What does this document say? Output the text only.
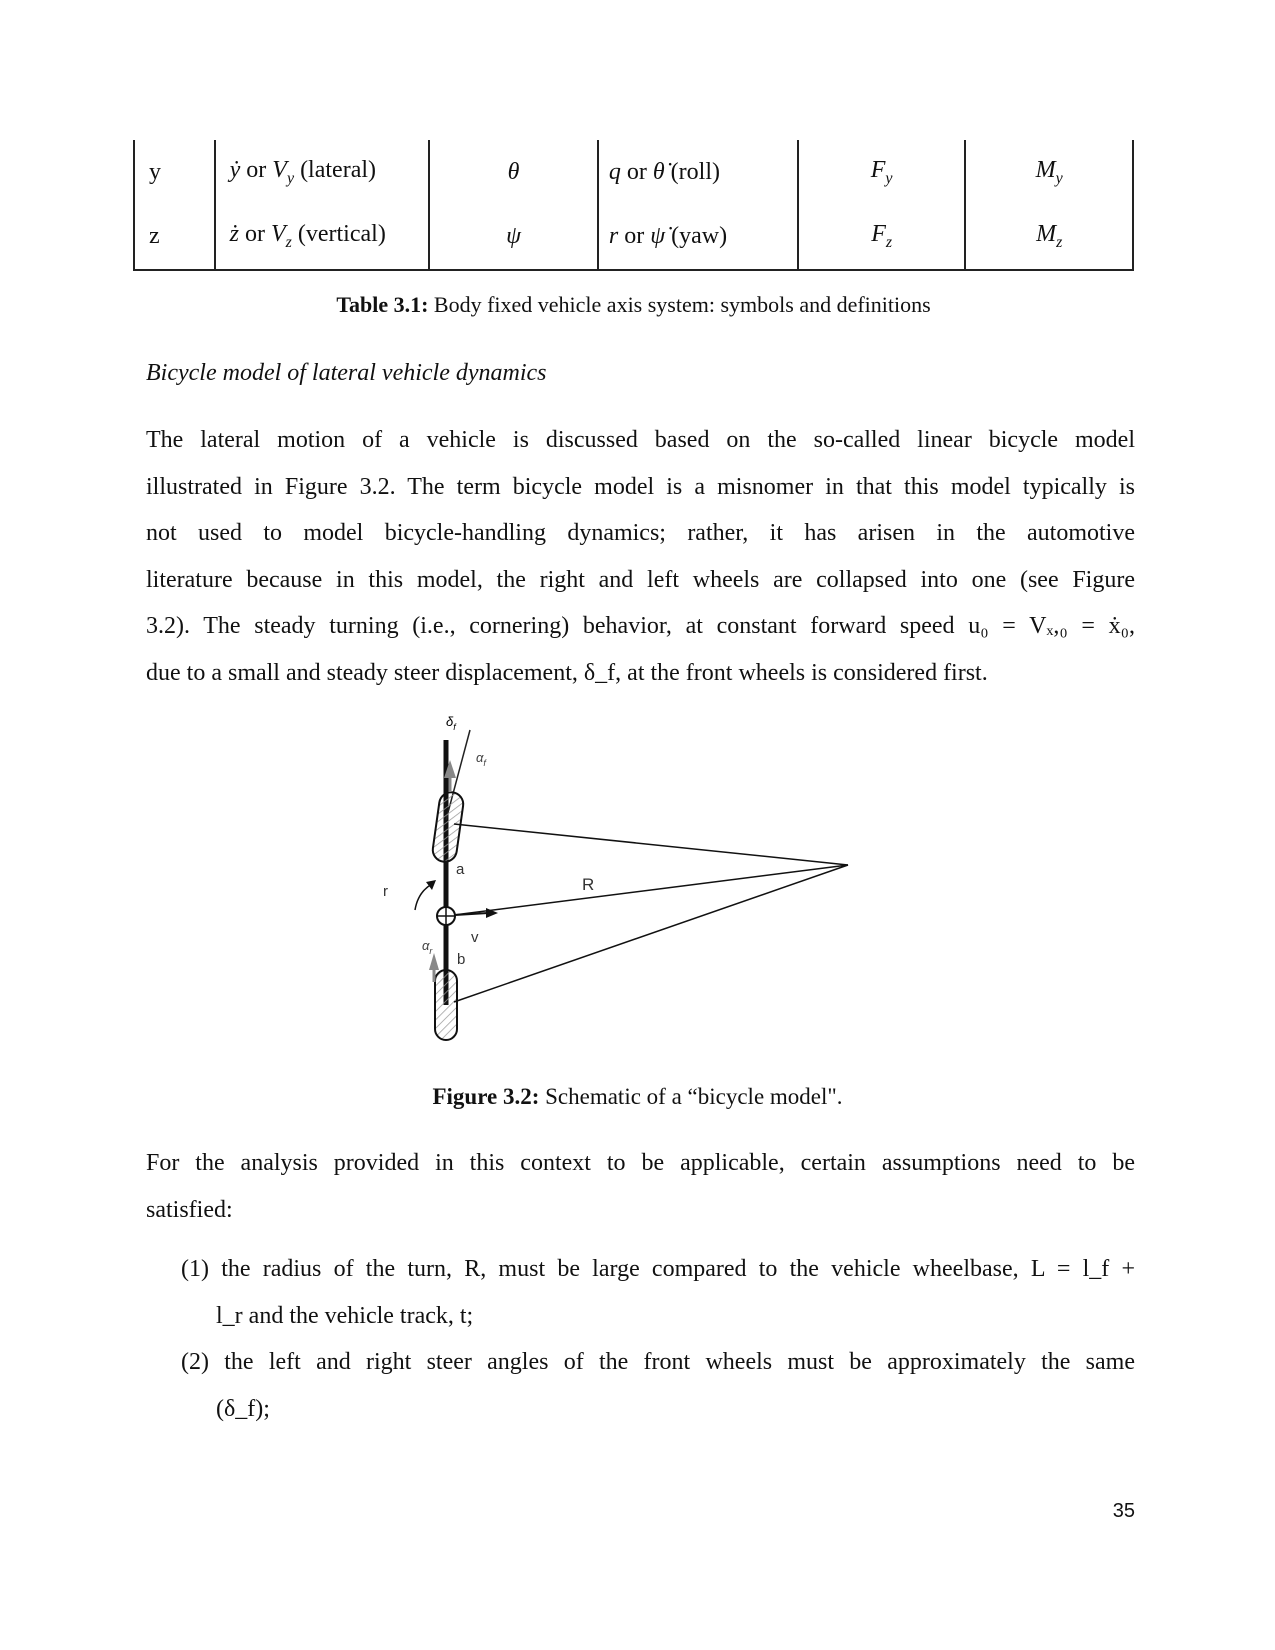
y	ẏ or $V_y$ (lateral)	θ	q or θ̇ (roll)	$F_y$	$M_y$
z	ż or $V_z$ (vertical)	ψ	r or ψ̇ (yaw)	$F_z$	$M_z$
Table 3.1: Body fixed vehicle axis system: symbols and definitions
Bicycle model of lateral vehicle dynamics
The lateral motion of a vehicle is discussed based on the so-called linear bicycle model
illustrated in Figure 3.2. The term bicycle model is a misnomer in that this model typically is
not used to model bicycle-handling dynamics; rather, it has arisen in the automotive
literature because in this model, the right and left wheels are collapsed into one (see Figure
3.2). The steady turning (i.e., cornering) behavior, at constant forward speed u₀ = Vₓ,₀ = ẋ₀,
due to a small and steady steer displacement, δ_f, at the front wheels is considered first.
$\delta_f$
$\alpha_f$
a
R
r
v
$\alpha_r$ b
Figure 3.2: Schematic of a “bicycle model".
For the analysis provided in this context to be applicable, certain assumptions need to be
satisfied:
(1) the radius of the turn, R, must be large compared to the vehicle wheelbase, L = l_f +
l_r and the vehicle track, t;
(2) the left and right steer angles of the front wheels must be approximately the same
(δ_f);
35
